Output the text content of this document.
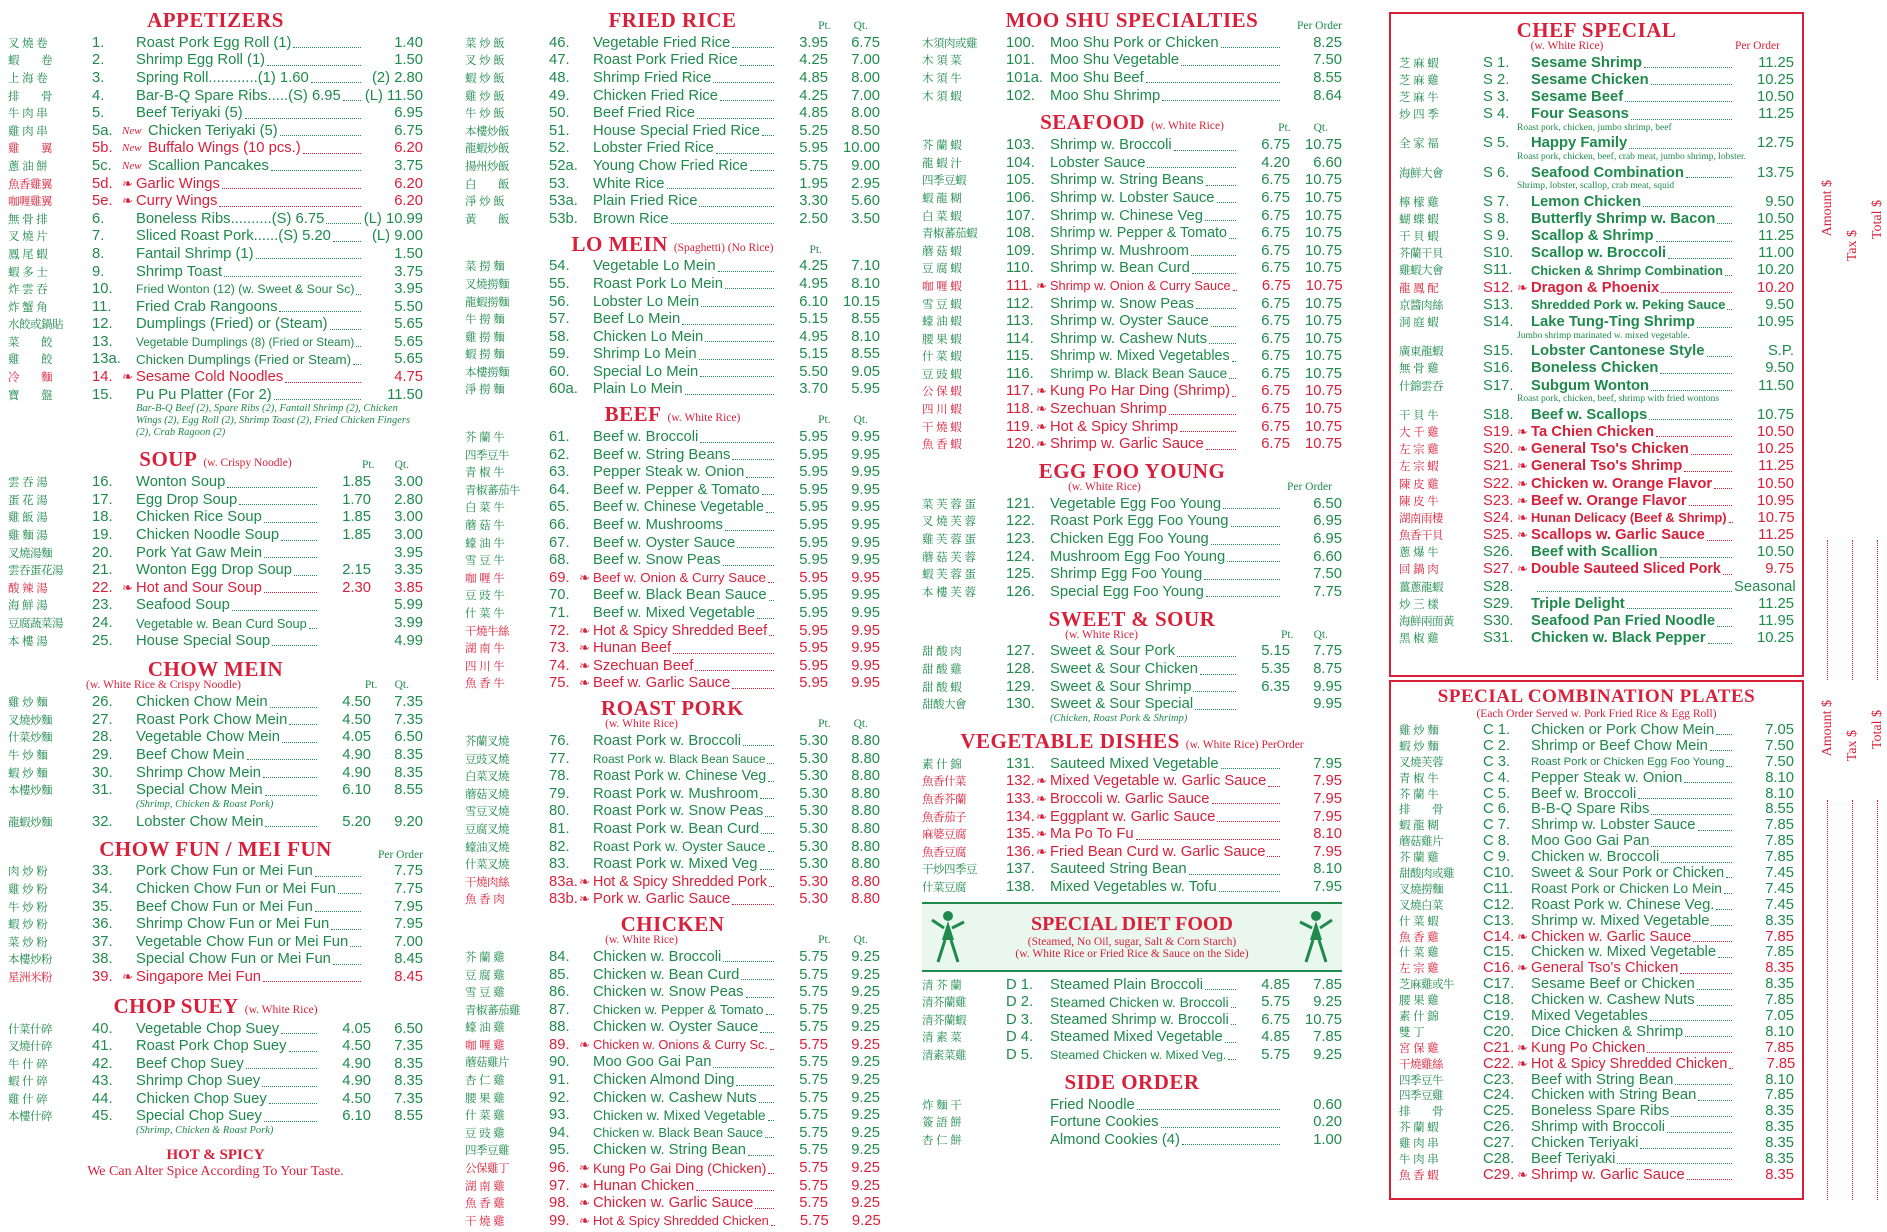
APPETIZERS
叉 燒 卷	1.	Roast Pork Egg Roll (1)	1.40
蝦　　卷	2.	Shrimp Egg Roll (1)	1.50
上 海 卷	3.	Spring Roll............(1) 1.60	(2) 2.80
排　　骨	4.	Bar-B-Q Spare Ribs.....(S) 6.95 (L) 11.50
牛 肉 串	5.	Beef Teriyaki (5)	6.95
雞 肉 串	5a. New Chicken Teriyaki (5)	6.75
雞　　翼	5b. New Buffalo Wings (10 pcs.)	6.20
蔥 油 餅	5c. New Scallion Pancakes	3.75
魚香雞翼	5d. ❧ Garlic Wings	6.20
咖喱雞翼	5e. ❧ Curry Wings	6.20
無 骨 排	6.	Boneless Ribs..........(S) 6.75	(L) 10.99
叉 燒 片	7.	Sliced Roast Pork......(S) 5.20	(L) 9.00
鳳 尾 蝦	8.	Fantail Shrimp (1)	1.50
蝦 多 士	9.	Shrimp Toast	3.75
炸 雲 吞	10.	Fried Wonton (12) (w. Sweet & Sour Sc)	3.95
炸 蟹 角	11.	Fried Crab Rangoons	5.50
水餃或鍋貼	12.	Dumplings (Fried) or (Steam)	5.65
菜　　餃	13.	Vegetable Dumplings (8) (Fried or Steam)	5.65
雞　　餃	13a. Chicken Dumplings (Fried or Steam)	5.65
冷　　麵	14. ❧ Sesame Cold Noodles	4.75
寶　　盤	15.	Pu Pu Platter (For 2)	11.50
Bar-B-Q Beef (2), Spare Ribs (2), Fantail Shrimp (2), Chicken Wings (2), Egg Roll (2), Shrimp Toast (2), Fried Chicken Fingers (2), Crab Ragoon (2)
SOUP (w. Crispy Noodle)	Pt. Qt.
雲 吞 湯	16.	Wonton Soup	1.85	3.00
蛋 花 湯	17.	Egg Drop Soup	1.70	2.80
雞 飯 湯	18.	Chicken Rice Soup	1.85	3.00
雞 麵 湯	19.	Chicken Noodle Soup	1.85	3.00
叉燒湯麵	20.	Pork Yat Gaw Mein	3.95
雲吞蛋花湯	21.	Wonton Egg Drop Soup	2.15	3.35
酸 辣 湯	22. ❧ Hot and Sour Soup	2.30	3.85
海 鮮 湯	23.	Seafood Soup	5.99
豆腐蔬菜湯	24.	Vegetable w. Bean Curd Soup	3.99
本 樓 湯	25.	House Special Soup	4.99
CHOW MEIN
(w. White Rice & Crispy Noodle)	Pt. Qt.
雞 炒 麵	26.	Chicken Chow Mein	4.50	7.35
叉燒炒麵	27.	Roast Pork Chow Mein	4.50	7.35
什菜炒麵	28.	Vegetable Chow Mein	4.05	6.50
牛 炒 麵	29.	Beef Chow Mein	4.90	8.35
蝦 炒 麵	30.	Shrimp Chow Mein	4.90	8.35
本樓炒麵	31.	Special Chow Mein	6.10	8.55
(Shrimp, Chicken & Roast Pork)
龍蝦炒麵	32.	Lobster Chow Mein	5.20	9.20
CHOW FUN / MEI FUN	Per Order
肉 炒 粉	33.	Pork Chow Fun or Mei Fun	7.75
雞 炒 粉	34.	Chicken Chow Fun or Mei Fun	7.75
牛 炒 粉	35.	Beef Chow Fun or Mei Fun	7.95
蝦 炒 粉	36.	Shrimp Chow Fun or Mei Fun	7.95
菜 炒 粉	37.	Vegetable Chow Fun or Mei Fun	7.00
本樓炒粉	38.	Special Chow Fun or Mei Fun	8.45
星洲米粉	39. ❧ Singapore Mei Fun	8.45
CHOP SUEY (w. White Rice)
什菜什碎	40.	Vegetable Chop Suey	4.05	6.50
叉燒什碎	41.	Roast Pork Chop Suey	4.50	7.35
牛 什 碎	42.	Beef Chop Suey	4.90	8.35
蝦 什 碎	43.	Shrimp Chop Suey	4.90	8.35
雞 什 碎	44.	Chicken Chop Suey	4.50	7.35
本樓什碎	45.	Special Chop Suey	6.10	8.55
(Shrimp, Chicken & Roast Pork)
HOT & SPICY
We Can Alter Spice According To Your Taste.
FRIED RICE	Pt. Qt.
菜 炒 飯	46.	Vegetable Fried Rice	3.95	6.75
叉 炒 飯	47.	Roast Pork Fried Rice	4.25	7.00
蝦 炒 飯	48.	Shrimp Fried Rice	4.85	8.00
雞 炒 飯	49.	Chicken Fried Rice	4.25	7.00
牛 炒 飯	50.	Beef Fried Rice	4.85	8.00
本樓炒飯	51.	House Special Fried Rice	5.25	8.50
龍蝦炒飯	52.	Lobster Fried Rice	5.95	10.00
揚州炒飯	52a. Young Chow Fried Rice	5.75	9.00
白　　飯	53.	White Rice	1.95	2.95
淨 炒 飯	53a. Plain Fried Rice	3.30	5.60
黃　　飯	53b. Brown Rice	2.50	3.50
LO MEIN (Spaghetti) (No Rice)	Pt.
菜 撈 麵	54.	Vegetable Lo Mein	4.25	7.10
叉燒撈麵	55.	Roast Pork Lo Mein	4.95	8.10
龍蝦撈麵	56.	Lobster Lo Mein	6.10	10.15
牛 撈 麵	57.	Beef Lo Mein	5.15	8.55
雞 撈 麵	58.	Chicken Lo Mein	4.95	8.10
蝦 撈 麵	59.	Shrimp Lo Mein	5.15	8.55
本樓撈麵	60.	Special Lo Mein	5.50	9.05
淨 撈 麵	60a. Plain Lo Mein	3.70	5.95
BEEF (w. White Rice)	Pt. Qt.
芥 蘭 牛	61.	Beef w. Broccoli	5.95	9.95
四季豆牛	62.	Beef w. String Beans	5.95	9.95
青 椒 牛	63.	Pepper Steak w. Onion	5.95	9.95
青椒蕃茄牛	64.	Beef w. Pepper & Tomato	5.95	9.95
白 菜 牛	65.	Beef w. Chinese Vegetable	5.95	9.95
蘑 菇 牛	66.	Beef w. Mushrooms	5.95	9.95
蠔 油 牛	67.	Beef w. Oyster Sauce	5.95	9.95
雪 豆 牛	68.	Beef w. Snow Peas	5.95	9.95
咖 喱 牛	69. ❧ Beef w. Onion & Curry Sauce	5.95	9.95
豆 豉 牛	70.	Beef w. Black Bean Sauce	5.95	9.95
什 菜 牛	71.	Beef w. Mixed Vegetable	5.95	9.95
干燒牛絲	72. ❧ Hot & Spicy Shredded Beef	5.95	9.95
湖 南 牛	73. ❧ Hunan Beef	5.95	9.95
四 川 牛	74. ❧ Szechuan Beef	5.95	9.95
魚 香 牛	75. ❧ Beef w. Garlic Sauce	5.95	9.95
ROAST PORK
(w. White Rice)	Pt. Qt.
芥蘭叉燒	76.	Roast Pork w. Broccoli	5.30	8.80
豆豉叉燒	77.	Roast Pork w. Black Bean Sauce	5.30	8.80
白菜叉燒	78.	Roast Pork w. Chinese Veg	5.30	8.80
蘑菇叉燒	79.	Roast Pork w. Mushroom	5.30	8.80
雪豆叉燒	80.	Roast Pork w. Snow Peas	5.30	8.80
豆腐叉燒	81.	Roast Pork w. Bean Curd	5.30	8.80
蠔油叉燒	82.	Roast Pork w. Oyster Sauce	5.30	8.80
什菜叉燒	83.	Roast Pork w. Mixed Veg	5.30	8.80
干燒肉絲	83a. ❧ Hot & Spicy Shredded Pork	5.30	8.80
魚 香 肉	83b. ❧ Pork w. Garlic Sauce	5.30	8.80
CHICKEN
(w. White Rice)	Pt. Qt.
芥 蘭 雞	84.	Chicken w. Broccoli	5.75	9.25
豆 腐 雞	85.	Chicken w. Bean Curd	5.75	9.25
雪 豆 雞	86.	Chicken w. Snow Peas	5.75	9.25
青椒蕃茄雞	87.	Chicken w. Pepper & Tomato	5.75	9.25
蠔 油 雞	88.	Chicken w. Oyster Sauce	5.75	9.25
咖 喱 雞	89. ❧ Chicken w. Onions & Curry Sc.	5.75	9.25
蘑菇雞片	90.	Moo Goo Gai Pan	5.75	9.25
杏 仁 雞	91.	Chicken Almond Ding	5.75	9.25
腰 果 雞	92.	Chicken w. Cashew Nuts	5.75	9.25
什 菜 雞	93.	Chicken w. Mixed Vegetable	5.75	9.25
豆 豉 雞	94.	Chicken w. Black Bean Sauce	5.75	9.25
四季豆雞	95.	Chicken w. String Bean	5.75	9.25
公保雞丁	96. ❧ Kung Po Gai Ding (Chicken)	5.75	9.25
湖 南 雞	97. ❧ Hunan Chicken	5.75	9.25
魚 香 雞	98. ❧ Chicken w. Garlic Sauce	5.75	9.25
干 燒 雞	99. ❧ Hot & Spicy Shredded Chicken	5.75	9.25
MOO SHU SPECIALTIES	Per Order
木須肉或雞	100. Moo Shu Pork or Chicken	8.25
木 須 菜	101. Moo Shu Vegetable	7.50
木 須 牛	101a. Moo Shu Beef	8.55
木 須 蝦	102. Moo Shu Shrimp	8.64
SEAFOOD (w. White Rice)	Pt. Qt.
芥 蘭 蝦	103. Shrimp w. Broccoli	6.75	10.75
龍 蝦 汁	104. Lobster Sauce	4.20	6.60
四季豆蝦	105. Shrimp w. String Beans	6.75	10.75
蝦 龍 糊	106. Shrimp w. Lobster Sauce	6.75	10.75
白 菜 蝦	107. Shrimp w. Chinese Veg	6.75	10.75
青椒蕃茄蝦	108. Shrimp w. Pepper & Tomato	6.75	10.75
蘑 菇 蝦	109. Shrimp w. Mushroom	6.75	10.75
豆 腐 蝦	110. Shrimp w. Bean Curd	6.75	10.75
咖 喱 蝦	111. ❧ Shrimp w. Onion & Curry Sauce	6.75	10.75
雪 豆 蝦	112. Shrimp w. Snow Peas	6.75	10.75
蠔 油 蝦	113. Shrimp w. Oyster Sauce	6.75	10.75
腰 果 蝦	114. Shrimp w. Cashew Nuts	6.75	10.75
什 菜 蝦	115. Shrimp w. Mixed Vegetables	6.75	10.75
豆 豉 蝦	116. Shrimp w. Black Bean Sauce	6.75	10.75
公 保 蝦	117. ❧ Kung Po Har Ding (Shrimp)	6.75	10.75
四 川 蝦	118. ❧ Szechuan Shrimp	6.75	10.75
干 燒 蝦	119. ❧ Hot & Spicy Shrimp	6.75	10.75
魚 香 蝦	120. ❧ Shrimp w. Garlic Sauce	6.75	10.75
EGG FOO YOUNG
(w. White Rice)	Per Order
菜 芙 蓉 蛋	121. Vegetable Egg Foo Young	6.50
叉 燒 芙 蓉	122. Roast Pork Egg Foo Young	6.95
雞 芙 蓉 蛋	123. Chicken Egg Foo Young	6.95
蘑 菇 芙 蓉	124. Mushroom Egg Foo Young	6.60
蝦 芙 蓉 蛋	125. Shrimp Egg Foo Young	7.50
本 樓 芙 蓉	126. Special Egg Foo Young	7.75
SWEET & SOUR
(w. White Rice)	Pt. Qt.
甜 酸 肉	127. Sweet & Sour Pork	5.15	7.75
甜 酸 雞	128. Sweet & Sour Chicken	5.35	8.75
甜 酸 蝦	129. Sweet & Sour Shrimp	6.35	9.95
甜酸大會	130. Sweet & Sour Special	9.95
(Chicken, Roast Pork & Shrimp)
VEGETABLE DISHES (w. White Rice) PerOrder
素 什 錦	131. Sauteed Mixed Vegetable	7.95
魚香什菜	132. ❧ Mixed Vegetable w. Garlic Sauce	7.95
魚香芥蘭	133. ❧ Broccoli w. Garlic Sauce	7.95
魚香茄子	134. ❧ Eggplant w. Garlic Sauce	7.95
麻婆豆腐	135. ❧ Ma Po To Fu	8.10
魚香豆腐	136. ❧ Fried Bean Curd w. Garlic Sauce	7.95
干炒四季豆	137. Sauteed String Bean	8.10
什菜豆腐	138. Mixed Vegetables w. Tofu	7.95
SPECIAL DIET FOOD
(Steamed, No Oil, sugar, Salt & Corn Starch)
(w. White Rice or Fried Rice & Sauce on the Side)
清 芥 蘭	D 1. Steamed Plain Broccoli	4.85	7.85
清芥蘭雞	D 2. Steamed Chicken w. Broccoli	5.75	9.25
清芥蘭蝦	D 3. Steamed Shrimp w. Broccoli	6.75	10.75
清 素 菜	D 4. Steamed Mixed Vegetable	4.85	7.85
清素菜雞	D 5. Steamed Chicken w. Mixed Veg.	5.75	9.25
SIDE ORDER
炸 麵 干	Fried Noodle	0.60
簽 語 餅	Fortune Cookies	0.20
杏 仁 餅	Almond Cookies (4)	1.00
CHEF SPECIAL
(w. White Rice)	Per Order
芝 麻 蝦	S 1.	Sesame Shrimp	11.25
芝 麻 雞	S 2.	Sesame Chicken	10.25
芝 麻 牛	S 3.	Sesame Beef	10.50
炒 四 季	S 4.	Four Seasons	11.25
Roast pork, chicken, jumbo shrimp, beef
全 家 福	S 5.	Happy Family	12.75
Roast pork, chicken, beef, crab meat, jumbo shrimp, lobster.
海鮮大會	S 6.	Seafood Combination	13.75
Shrimp, lobster, scallop, crab meat, squid
檸 檬 雞	S 7.	Lemon Chicken	9.50
蝴 蝶 蝦	S 8.	Butterfly Shrimp w. Bacon	10.50
干 貝 蝦	S 9.	Scallop & Shrimp	11.25
芥蘭干貝	S10. Scallop w. Broccoli	11.00
雞蝦大會	S11.	Chicken & Shrimp Combination	10.20
龍 鳳 配	S12. ❧ Dragon & Phoenix	10.20
京醬肉絲	S13. Shredded Pork w. Peking Sauce	9.50
洞 庭 蝦	S14. Lake Tung-Ting Shrimp	10.95
Jumbo shrimp marinated w. mixed vegetable.
廣東龍蝦	S15. Lobster Cantonese Style	S.P.
無 骨 雞	S16. Boneless Chicken	9.50
什錦雲吞	S17. Subgum Wonton	11.50
Roast pork, chicken, beef, shrimp with fried wontons
干 貝 牛	S18. Beef w. Scallops	10.75
大 千 雞	S19. ❧ Ta Chien Chicken	10.50
左 宗 雞	S20. ❧ General Tso's Chicken	10.25
左 宗 蝦	S21. ❧ General Tso's Shrimp	11.25
陳 皮 雞	S22. ❧ Chicken w. Orange Flavor	10.50
陳 皮 牛	S23. ❧ Beef w. Orange Flavor	10.95
湖南雨棲	S24. ❧ Hunan Delicacy (Beef & Shrimp)	10.75
魚香干貝	S25. ❧ Scallops w. Garlic Sauce	11.25
蔥 爆 牛	S26. Beef with Scallion	10.50
回 鍋 肉	S27. ❧ Double Sauteed Sliced Pork	9.75
薑蔥龍蝦	S28.	Seasonal
炒 三 樣	S29. Triple Delight	11.25
海鮮兩面黃	S30. Seafood Pan Fried Noodle	11.95
黑 椒 雞	S31. Chicken w. Black Pepper	10.25
SPECIAL COMBINATION PLATES
(Each Order Served w. Pork Fried Rice & Egg Roll)
雞 炒 麵	C 1.	Chicken or Pork Chow Mein	7.05
蝦 炒 麵	C 2.	Shrimp or Beef Chow Mein	7.50
叉燒芙蓉	C 3.	Roast Pork or Chicken Egg Foo Young	7.50
青 椒 牛	C 4.	Pepper Steak w. Onion	8.10
芥 蘭 牛	C 5.	Beef w. Broccoli	8.10
排　　骨	C 6.	B-B-Q Spare Ribs	8.55
蝦 龍 糊	C 7.	Shrimp w. Lobster Sauce	7.85
蘑菇雞片	C 8.	Moo Goo Gai Pan	7.85
芥 蘭 雞	C 9.	Chicken w. Broccoli	7.85
甜酸肉或雞	C10. Sweet & Sour Pork or Chicken	7.45
叉燒撈麵	C11. Roast Pork or Chicken Lo Mein	7.45
叉燒白菜	C12. Roast Pork w. Chinese Veg.	7.45
什 菜 蝦	C13. Shrimp w. Mixed Vegetable	8.35
魚 香 雞	C14. ❧ Chicken w. Garlic Sauce	7.85
什 菜 雞	C15. Chicken w. Mixed Vegetable	7.85
左 宗 雞	C16. ❧ General Tso's Chicken	8.35
芝麻雞或牛	C17. Sesame Beef or Chicken	8.35
腰 果 雞	C18. Chicken w. Cashew Nuts	7.85
素 什 錦	C19. Mixed Vegetables	7.05
雙 丁	C20. Dice Chicken & Shrimp	8.10
宮 保 雞	C21. ❧ Kung Po Chicken	7.85
干燒雞絲	C22. ❧ Hot & Spicy Shredded Chicken	7.85
四季豆牛	C23. Beef with String Bean	8.10
四季豆雞	C24. Chicken with String Bean	7.85
排　　骨	C25. Boneless Spare Ribs	8.35
芥 蘭 蝦	C26. Shrimp with Broccoli	8.35
雞 肉 串	C27. Chicken Teriyaki	8.35
牛 肉 串	C28. Beef Teriyaki	8.35
魚 香 蝦	C29. ❧ Shrimp w. Garlic Sauce	8.35
Amount $
Tax $
Total $
Amount $ Tax $ Total $
